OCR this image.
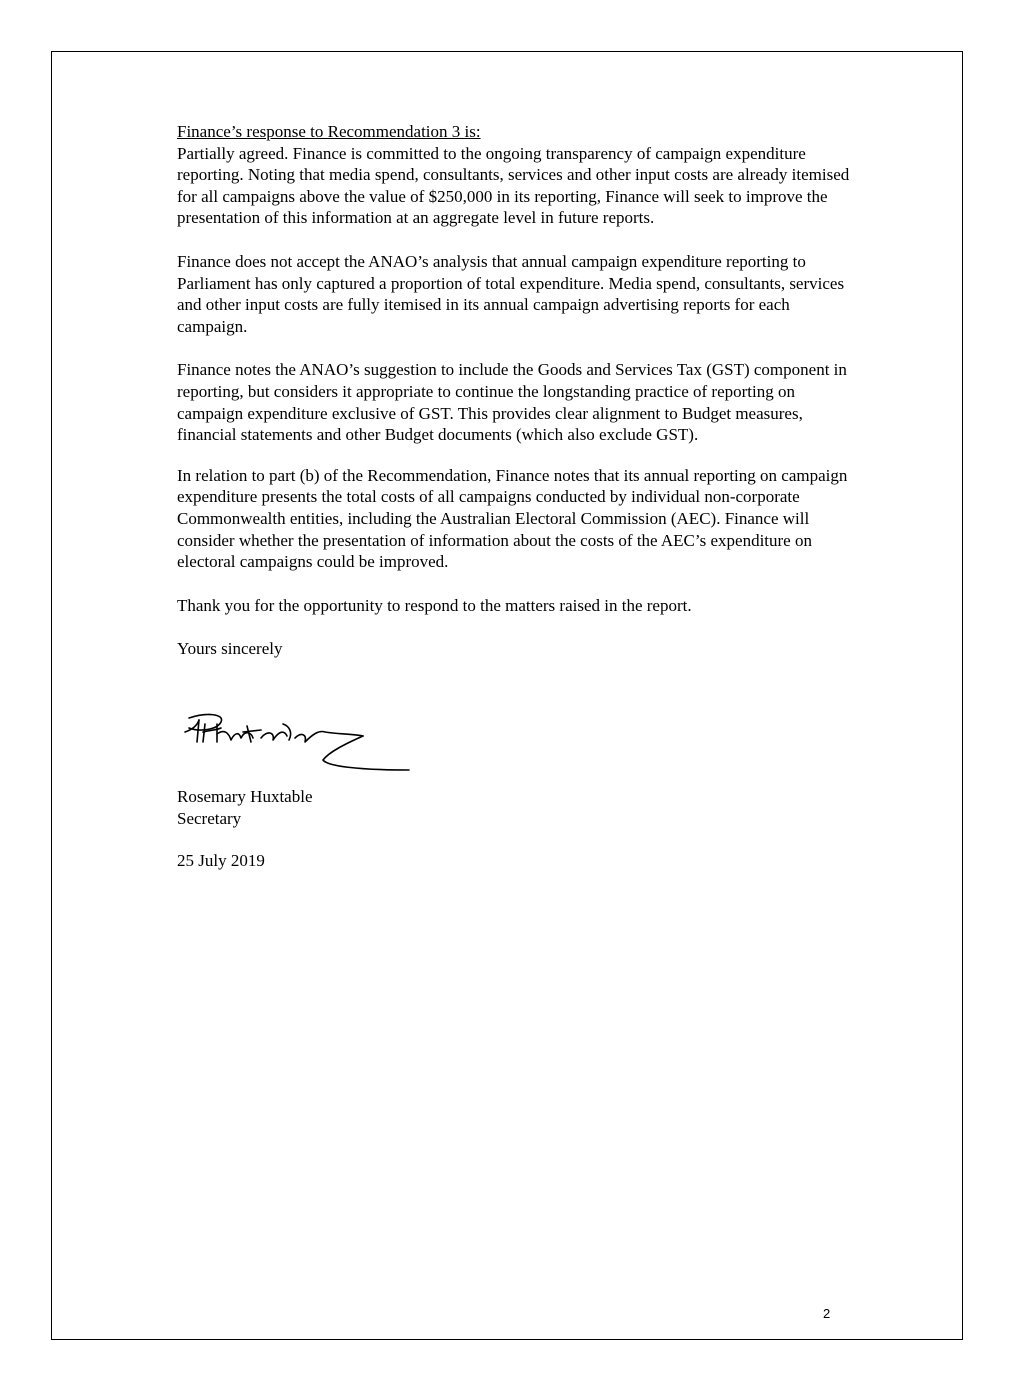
Finance’s response to Recommendation 3 is:

Partially agreed. Finance is committed to the ongoing transparency of campaign expenditure reporting. Noting that media spend, consultants, services and other input costs are already itemised for all campaigns above the value of $250,000 in its reporting, Finance will seek to improve the presentation of this information at an aggregate level in future reports.

Finance does not accept the ANAO’s analysis that annual campaign expenditure reporting to Parliament has only captured a proportion of total expenditure. Media spend, consultants, services and other input costs are fully itemised in its annual campaign advertising reports for each campaign.

Finance notes the ANAO’s suggestion to include the Goods and Services Tax (GST) component in reporting, but considers it appropriate to continue the longstanding practice of reporting on campaign expenditure exclusive of GST. This provides clear alignment to Budget measures, financial statements and other Budget documents (which also exclude GST).

In relation to part (b) of the Recommendation, Finance notes that its annual reporting on campaign expenditure presents the total costs of all campaigns conducted by individual non-corporate Commonwealth entities, including the Australian Electoral Commission (AEC). Finance will consider whether the presentation of information about the costs of the AEC’s expenditure on electoral campaigns could be improved.

Thank you for the opportunity to respond to the matters raised in the report.

Yours sincerely

Rosemary Huxtable

Secretary

25 July 2019

2
